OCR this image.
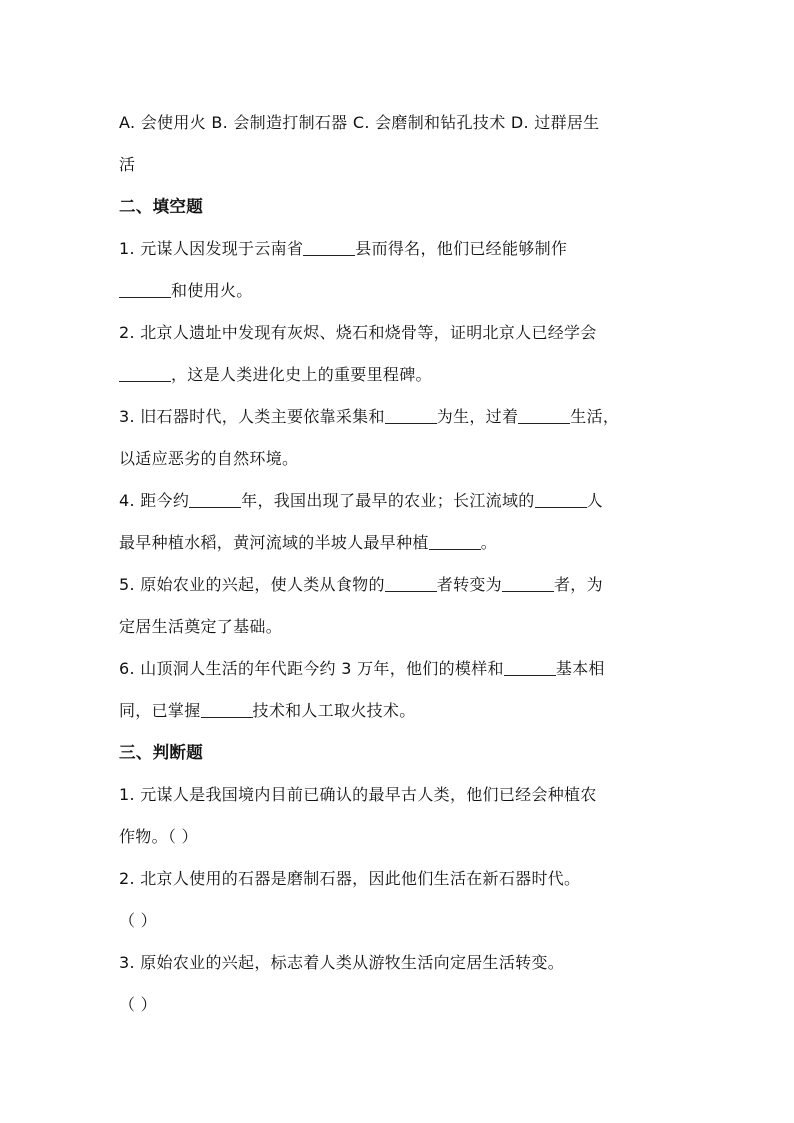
A. 会使用火 B. 会制造打制石器 C. 会磨制和钻孔技术 D. 过群居生
活
二、填空题
1. 元谋人因发现于云南省	县而得名，他们已经能够制作
和使用火。
2. 北京人遗址中发现有灰烬、烧石和烧骨等，证明北京人已经学会
，这是人类进化史上的重要里程碑。
3. 旧石器时代，人类主要依靠采集和	为生，过着	生活，
以适应恶劣的自然环境。
4. 距今约	年，我国出现了最早的农业；长江流域的	人
最早种植水稻，黄河流域的半坡人最早种植	。
5. 原始农业的兴起，使人类从食物的	者转变为	者，为
定居生活奠定了基础。
6. 山顶洞人生活的年代距今约 3 万年，他们的模样和	基本相
同，已掌握	技术和人工取火技术。
三、判断题
1. 元谋人是我国境内目前已确认的最早古人类，他们已经会种植农
作物。（ ）
2. 北京人使用的石器是磨制石器，因此他们生活在新石器时代。
（ ）
3. 原始农业的兴起，标志着人类从游牧生活向定居生活转变。
（ ）
